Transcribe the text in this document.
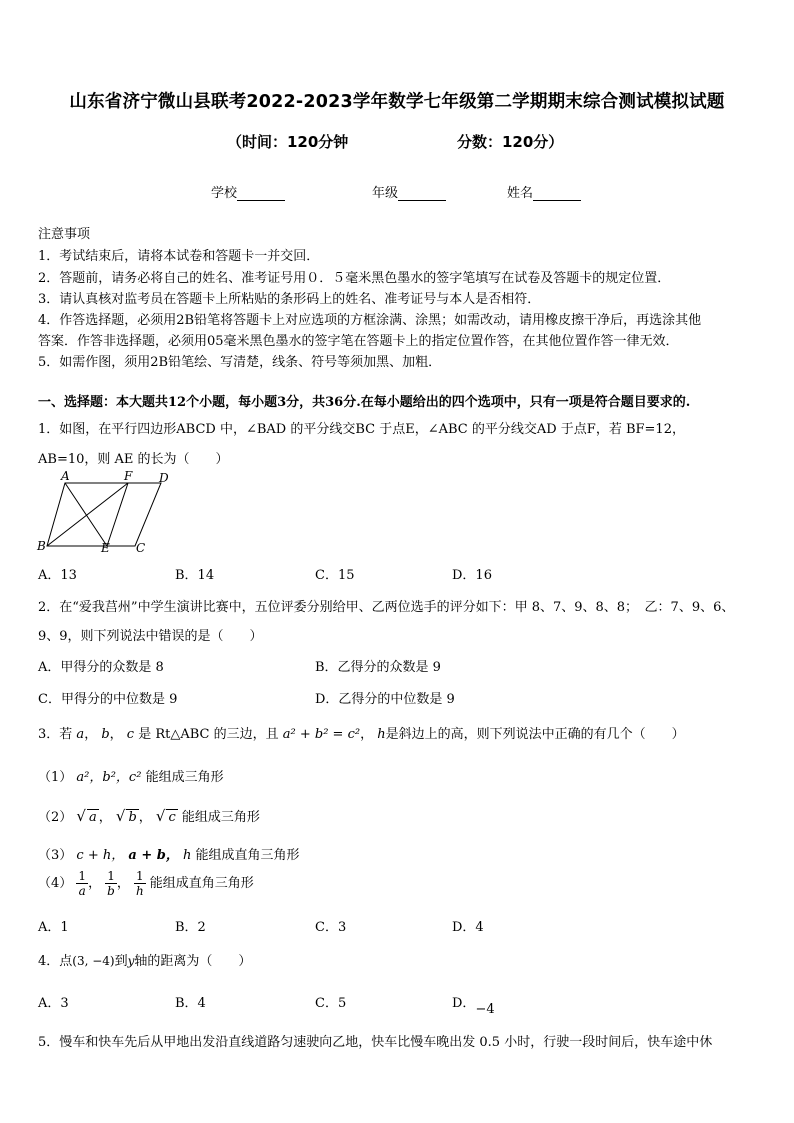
山东省济宁微山县联考2022-2023学年数学七年级第二学期期末综合测试模拟试题
（时间：120分钟	分数：120分）
学校	年级	姓名
注意事项
1．考试结束后，请将本试卷和答题卡一并交回．
2．答题前，请务必将自己的姓名、准考证号用０．５毫米黑色墨水的签字笔填写在试卷及答题卡的规定位置．
3．请认真核对监考员在答题卡上所粘贴的条形码上的姓名、准考证号与本人是否相符．
4．作答选择题，必须用2B铅笔将答题卡上对应选项的方框涂满、涂黑；如需改动，请用橡皮擦干净后，再选涂其他
答案．作答非选择题，必须用05毫米黑色墨水的签字笔在答题卡上的指定位置作答，在其他位置作答一律无效．
5．如需作图，须用2B铅笔绘、写清楚，线条、符号等须加黑、加粗．
一、选择题：本大题共12个小题，每小题3分，共36分.在每小题给出的四个选项中，只有一项是符合题目要求的.
1．如图，在平行四边形ABCD 中，∠BAD 的平分线交BC 于点E，∠ABC 的平分线交AD 于点F，若 BF=12，
AB=10，则 AE 的长为（　　）
A	F D
B	E C
A．13	B．14	C．15	D．16
2．在“爱我莒州”中学生演讲比赛中，五位评委分别给甲、乙两位选手的评分如下：甲 8、7、9、8、8；　乙：7、9、6、
9、9，则下列说法中错误的是（　　）
A．甲得分的众数是 8	B．乙得分的众数是 9
C．甲得分的中位数是 9	D．乙得分的中位数是 9
3．若 a， b， c 是 Rt△ABC 的三边，且 a² + b² = c²， h是斜边上的高，则下列说法中正确的有几个（　　）
（1） a²，b²，c² 能组成三角形
（2） √ a ， √ b ， √ c 能组成三角形
（3） c + h， a + b， h 能组成直角三角形
$(4) \frac{1}{a}$ ， $\frac{1}{b}$ ， $\frac{1}{h}$ 能组成直角三角形
A．1	B．2	C．3	D．4
4．点(3, −4)到y轴的距离为（　　）
A．3	B．4	C．5	D．−4
5．慢车和快车先后从甲地出发沿直线道路匀速驶向乙地，快车比慢车晚出发 0.5 小时，行驶一段时间后，快车途中休
